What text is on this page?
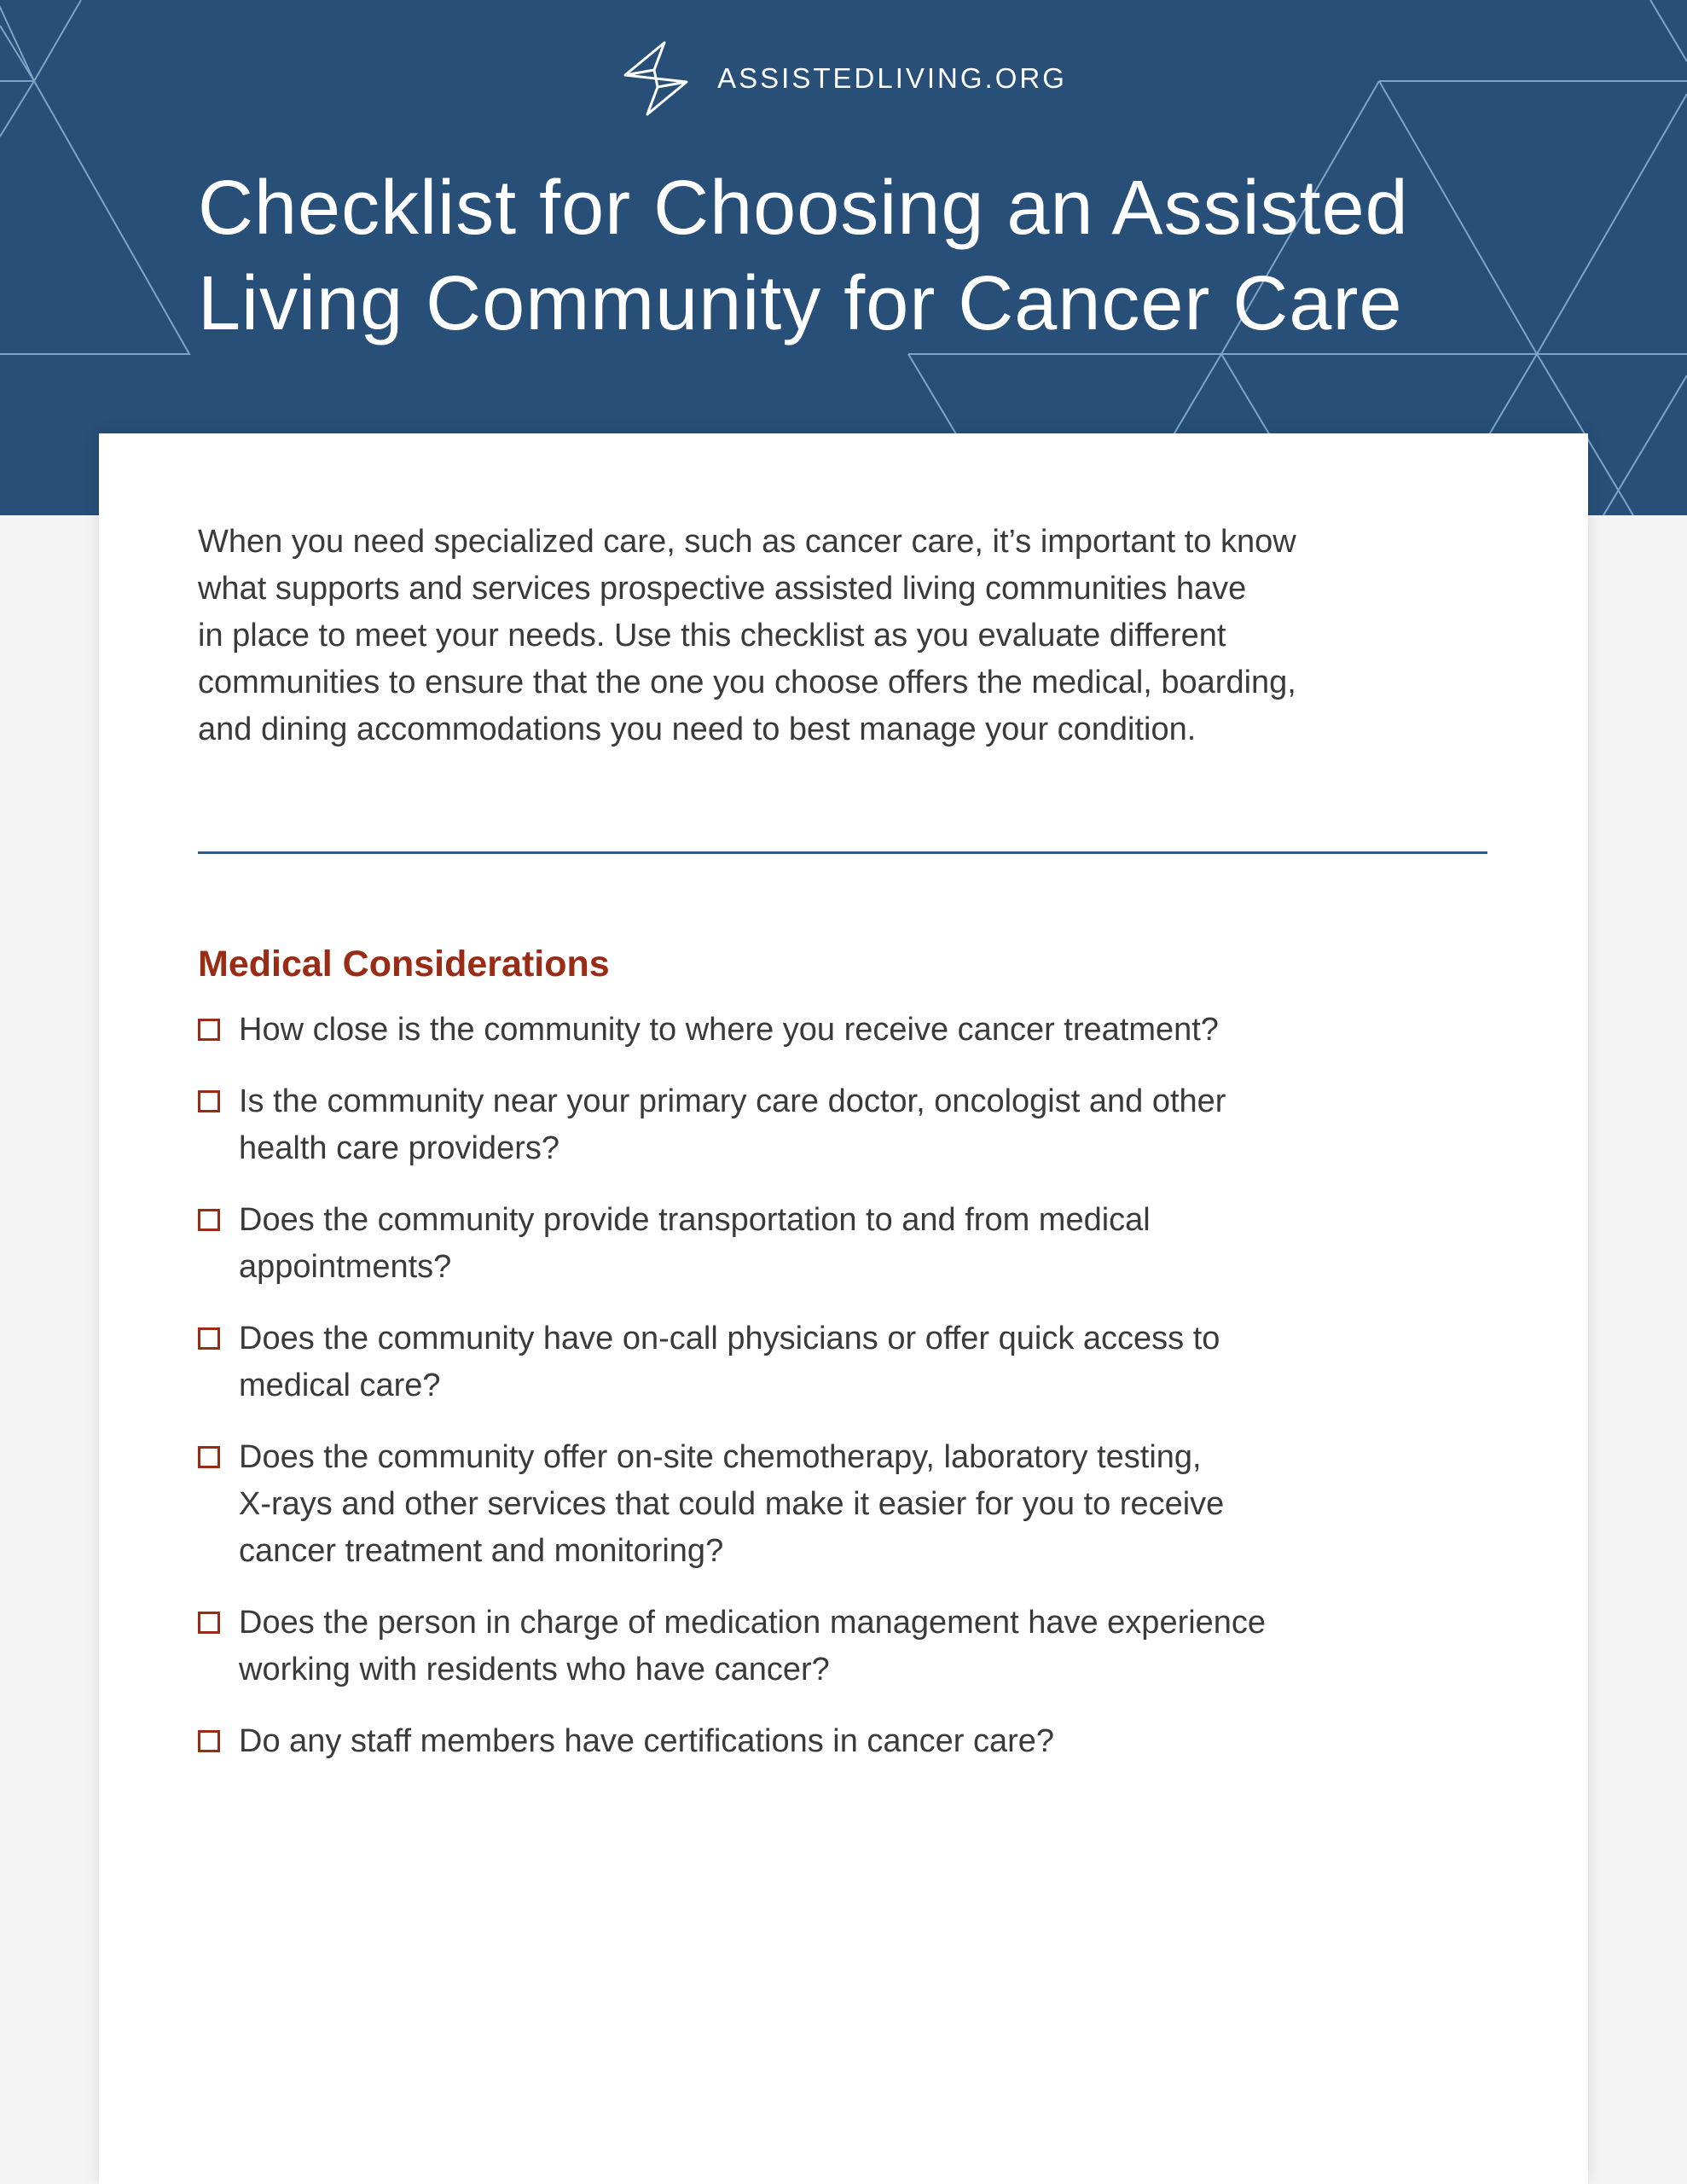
ASSISTEDLIVING.ORG
Checklist for Choosing an Assisted
Living Community for Cancer Care

When you need specialized care, such as cancer care, it’s important to know
what supports and services prospective assisted living communities have
in place to meet your needs. Use this checklist as you evaluate different
communities to ensure that the one you choose offers the medical, boarding,
and dining accommodations you need to best manage your condition.

Medical Considerations
How close is the community to where you receive cancer treatment?
Is the community near your primary care doctor, oncologist and other
health care providers?
Does the community provide transportation to and from medical
appointments?
Does the community have on-call physicians or offer quick access to
medical care?
Does the community offer on-site chemotherapy, laboratory testing,
X-rays and other services that could make it easier for you to receive
cancer treatment and monitoring?
Does the person in charge of medication management have experience
working with residents who have cancer?
Do any staff members have certifications in cancer care?
